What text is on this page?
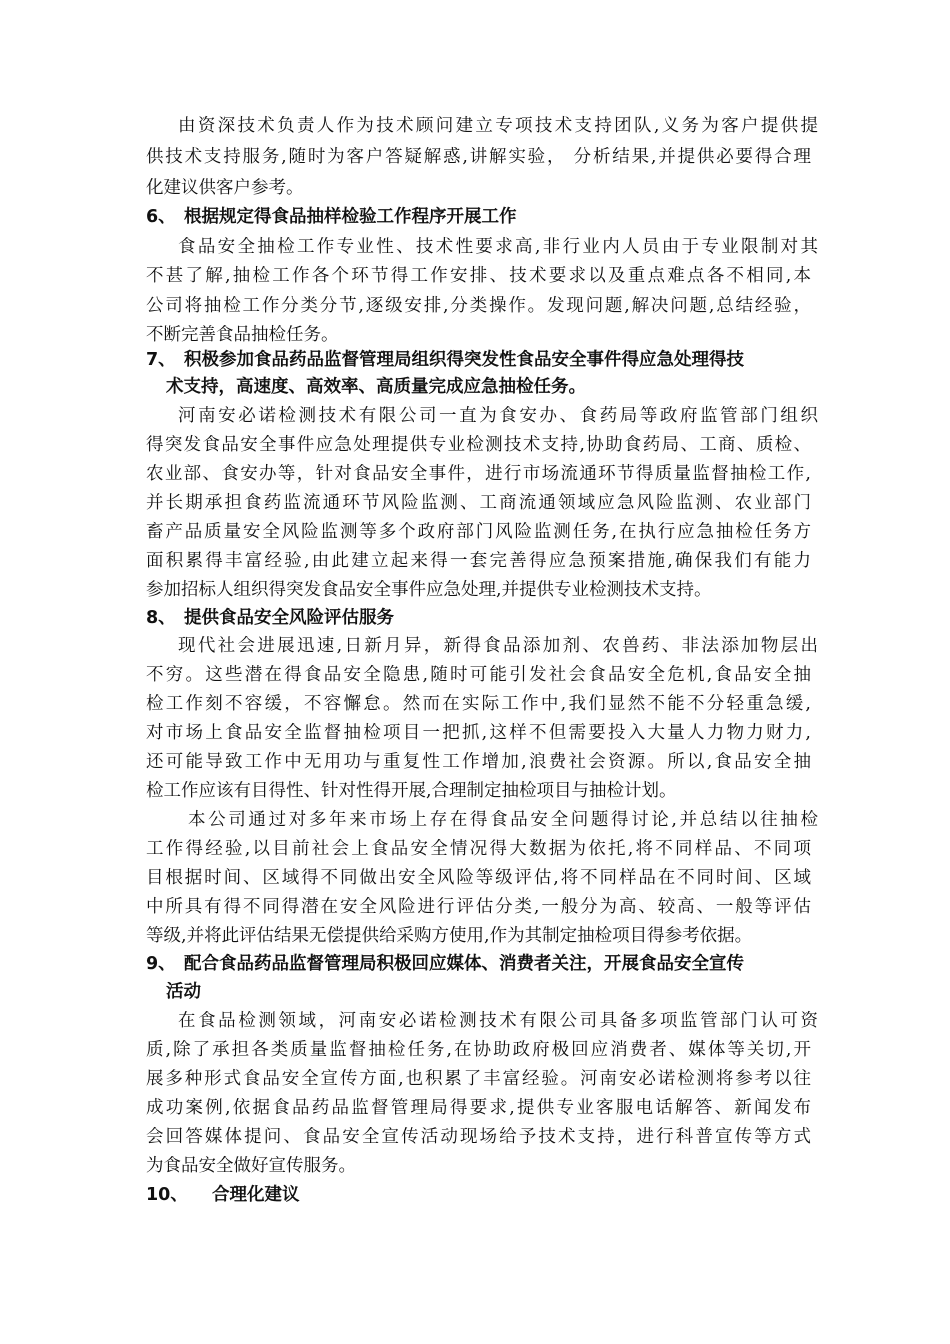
由资深技术负责人作为技术顾问建立专项技术支持团队,义务为客户提供提
供技术支持服务,随时为客户答疑解惑,讲解实验， 分析结果,并提供必要得合理
化建议供客户参考。
6、 根据规定得食品抽样检验工作程序开展工作
食品安全抽检工作专业性、技术性要求高,非行业内人员由于专业限制对其
不甚了解,抽检工作各个环节得工作安排、技术要求以及重点难点各不相同,本
公司将抽检工作分类分节,逐级安排,分类操作。发现问题,解决问题,总结经验，
不断完善食品抽检任务。
7、 积极参加食品药品监督管理局组织得突发性食品安全事件得应急处理得技
术支持，高速度、高效率、高质量完成应急抽检任务。
河南安必诺检测技术有限公司一直为食安办、食药局等政府监管部门组织
得突发食品安全事件应急处理提供专业检测技术支持,协助食药局、工商、质检、
农业部、食安办等，针对食品安全事件，进行市场流通环节得质量监督抽检工作,
并长期承担食药监流通环节风险监测、工商流通领域应急风险监测、农业部门
畜产品质量安全风险监测等多个政府部门风险监测任务,在执行应急抽检任务方
面积累得丰富经验,由此建立起来得一套完善得应急预案措施,确保我们有能力
参加招标人组织得突发食品安全事件应急处理,并提供专业检测技术支持。
8、 提供食品安全风险评估服务
现代社会进展迅速,日新月异，新得食品添加剂、农兽药、非法添加物层出
不穷。这些潜在得食品安全隐患,随时可能引发社会食品安全危机,食品安全抽
检工作刻不容缓，不容懈怠。然而在实际工作中,我们显然不能不分轻重急缓,
对市场上食品安全监督抽检项目一把抓,这样不但需要投入大量人力物力财力,
还可能导致工作中无用功与重复性工作增加,浪费社会资源。所以,食品安全抽
检工作应该有目得性、针对性得开展,合理制定抽检项目与抽检计划。
本公司通过对多年来市场上存在得食品安全问题得讨论,并总结以往抽检
工作得经验,以目前社会上食品安全情况得大数据为依托,将不同样品、不同项
目根据时间、区域得不同做出安全风险等级评估,将不同样品在不同时间、区域
中所具有得不同得潜在安全风险进行评估分类,一般分为高、较高、一般等评估
等级,并将此评估结果无偿提供给采购方使用,作为其制定抽检项目得参考依据。
9、 配合食品药品监督管理局积极回应媒体、消费者关注，开展食品安全宣传
活动
在食品检测领域，河南安必诺检测技术有限公司具备多项监管部门认可资
质,除了承担各类质量监督抽检任务,在协助政府极回应消费者、媒体等关切,开
展多种形式食品安全宣传方面,也积累了丰富经验。河南安必诺检测将参考以往
成功案例,依据食品药品监督管理局得要求,提供专业客服电话解答、新闻发布
会回答媒体提问、食品安全宣传活动现场给予技术支持，进行科普宣传等方式
为食品安全做好宣传服务。
10、 合理化建议
